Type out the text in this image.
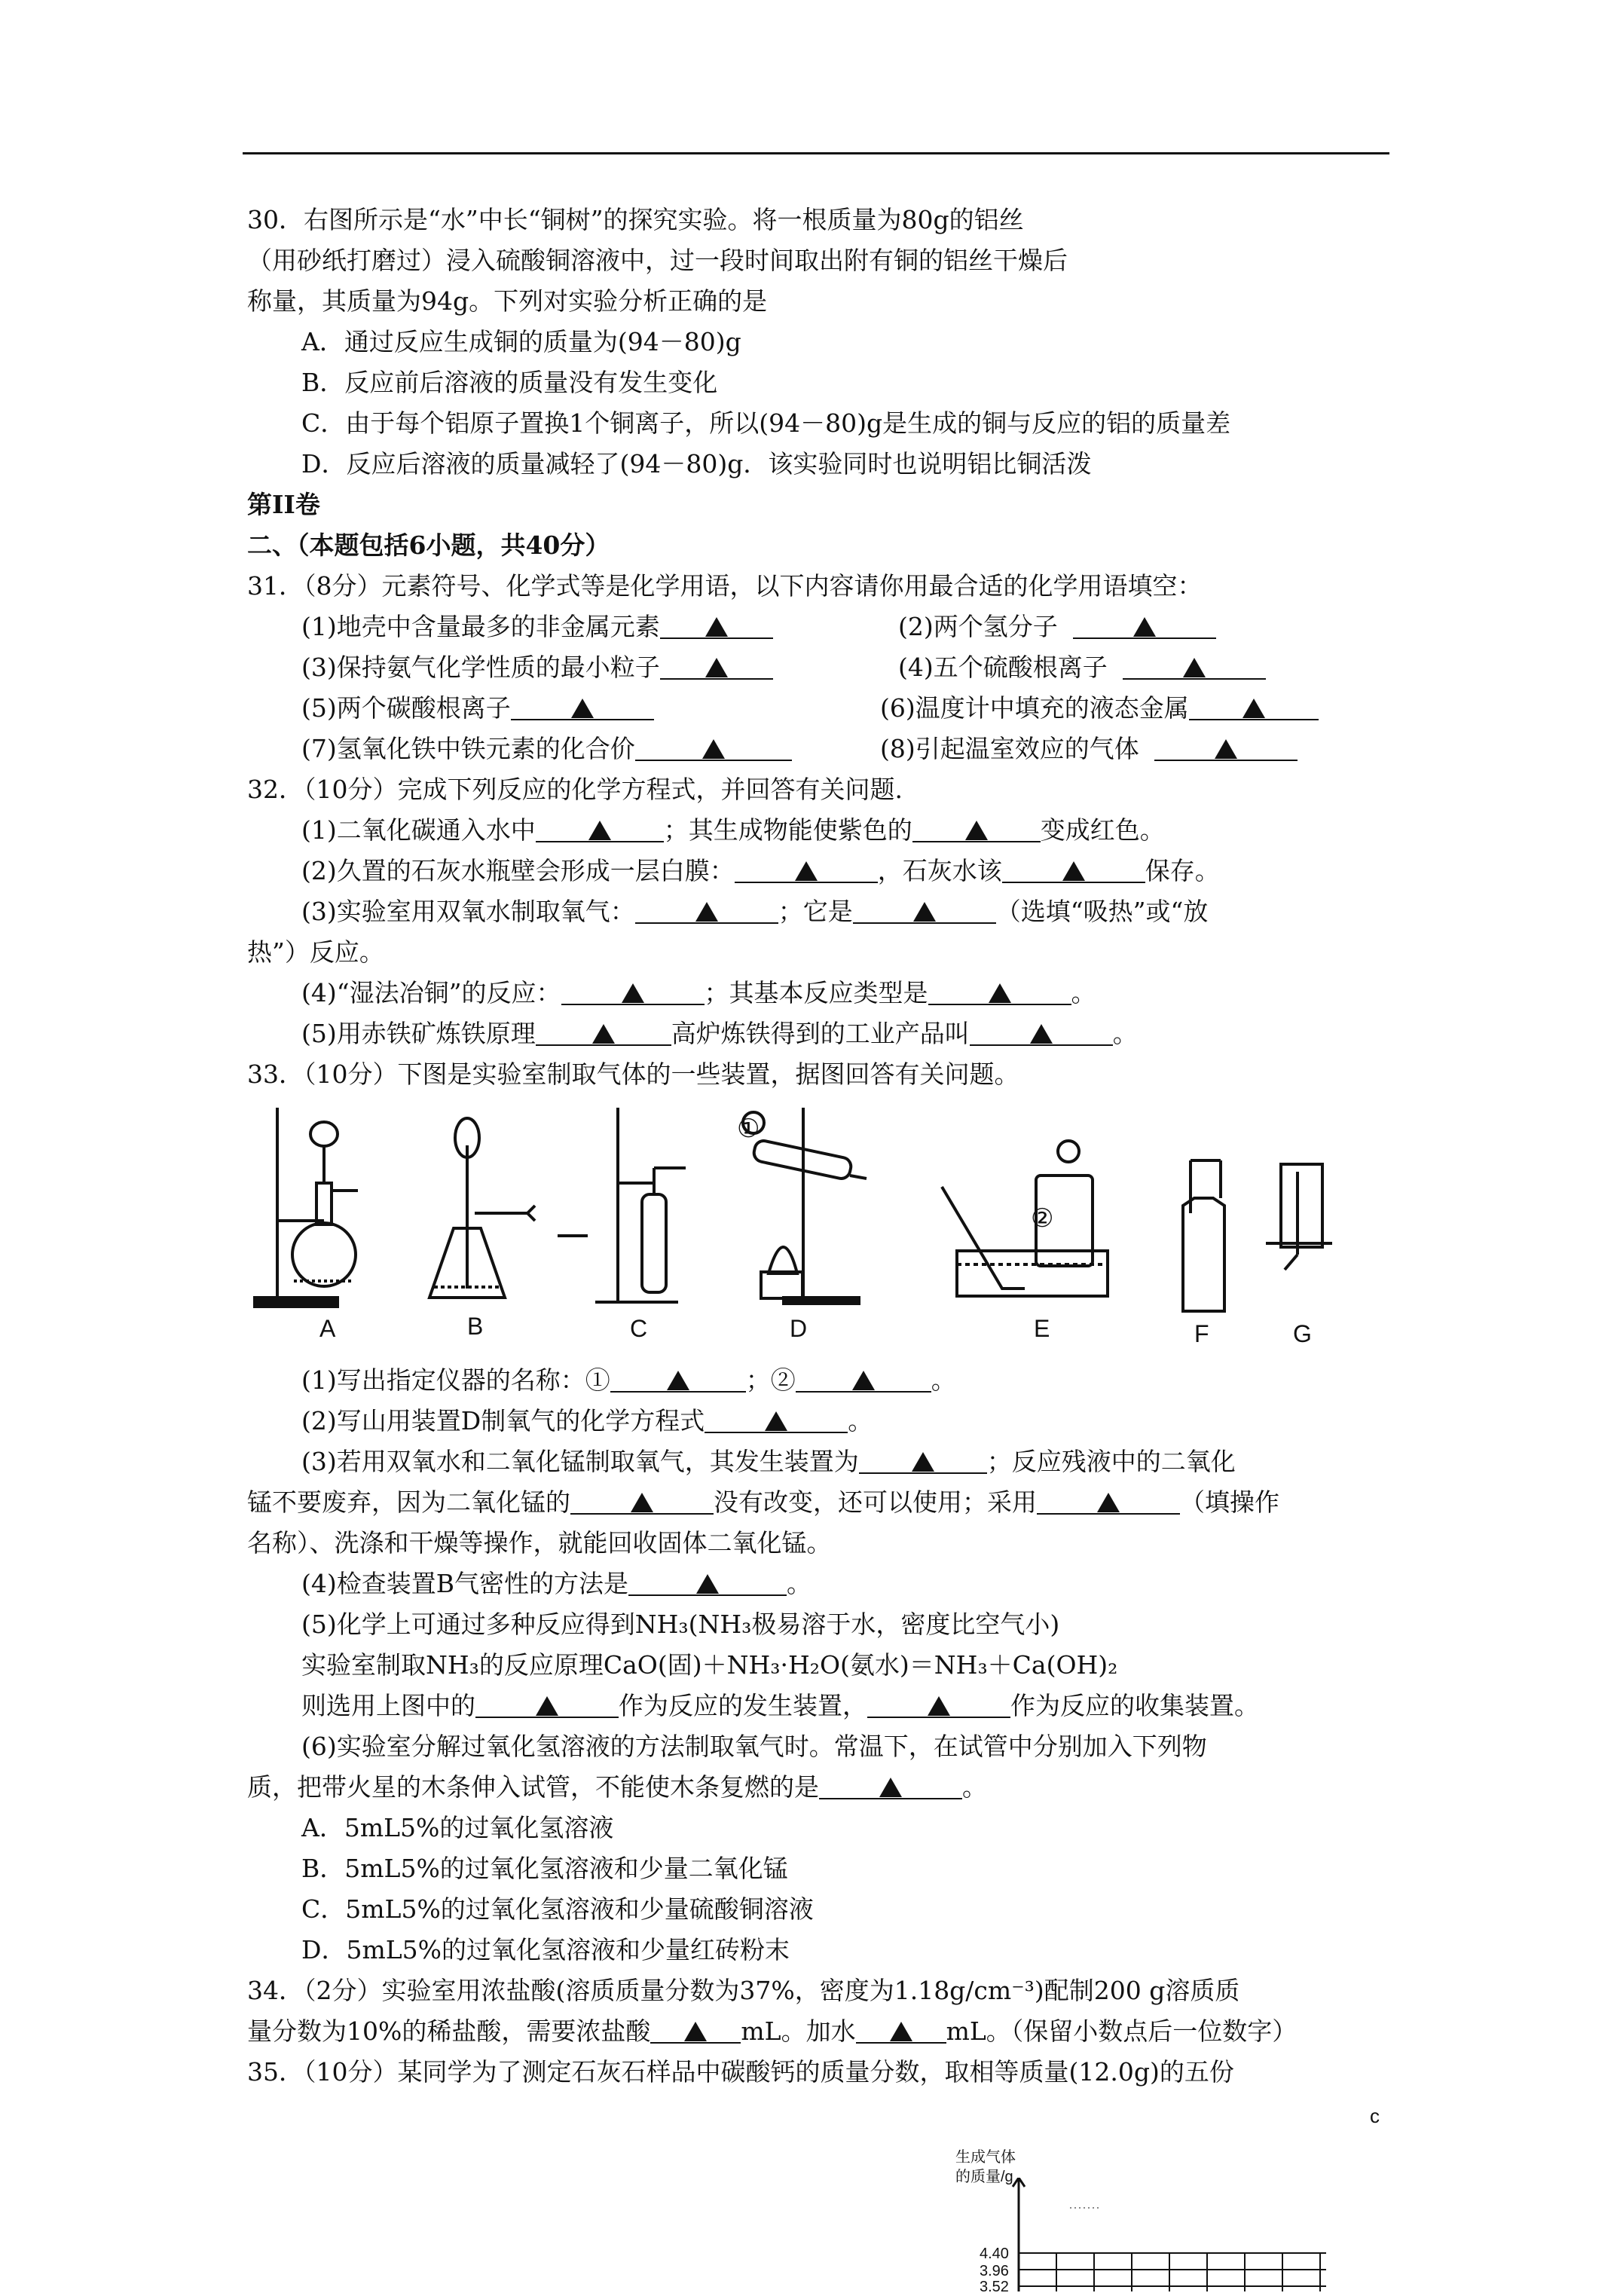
30．右图所示是“水”中长“铜树”的探究实验。将一根质量为80g的铝丝
（用砂纸打磨过）浸入硫酸铜溶液中，过一段时间取出附有铜的铝丝干燥后
称量，其质量为94g。下列对实验分析正确的是
A．通过反应生成铜的质量为(94－80)g
B．反应前后溶液的质量没有发生变化
C．由于每个铝原子置换1个铜离子，所以(94－80)g是生成的铜与反应的铝的质量差
D．反应后溶液的质量减轻了(94－80)g．该实验同时也说明铝比铜活泼
第II卷
二、（本题包括6小题，共40分）
31．（8分）元素符号、化学式等是化学用语，以下内容请你用最合适的化学用语填空：
(1)地壳中含量最多的非金属元素	(2)两个氢分子
(3)保持氨气化学性质的最小粒子	(4)五个硫酸根离子
(5)两个碳酸根离子	(6)温度计中填充的液态金属
(7)氢氧化铁中铁元素的化合价	(8)引起温室效应的气体
32．（10分）完成下列反应的化学方程式，并回答有关问题.
(1)二氧化碳通入水中	；其生成物能使紫色的	变成红色。
(2)久置的石灰水瓶壁会形成一层白膜：	，石灰水该	保存。
(3)实验室用双氧水制取氧气：	；它是	（选填“吸热”或“放
热”）反应。
(4)“湿法冶铜”的反应：	；其基本反应类型是	。
(5)用赤铁矿炼铁原理	高炉炼铁得到的工业产品叫	。
33．（10分）下图是实验室制取气体的一些装置，据图回答有关问题。
①
②
A	B	C	D	E	F	G
(1)写出指定仪器的名称：①	；②	。
(2)写山用装置D制氧气的化学方程式	。
(3)若用双氧水和二氧化锰制取氧气，其发生装置为	；反应残液中的二氧化
锰不要废弃，因为二氧化锰的	没有改变，还可以使用；采用	（填操作
名称）、洗涤和干燥等操作，就能回收固体二氧化锰。
(4)检查装置B气密性的方法是	。
(5)化学上可通过多种反应得到NH₃(NH₃极易溶于水，密度比空气小)
实验室制取NH₃的反应原理CaO(固)＋NH₃·H₂O(氨水)＝NH₃＋Ca(OH)₂
则选用上图中的	作为反应的发生装置，	作为反应的收集装置。
(6)实验室分解过氧化氢溶液的方法制取氧气时。常温下，在试管中分别加入下列物
质，把带火星的木条伸入试管，不能使木条复燃的是	。
A．5mL5%的过氧化氢溶液
B．5mL5%的过氧化氢溶液和少量二氧化锰
C．5mL5%的过氧化氢溶液和少量硫酸铜溶液
D．5mL5%的过氧化氢溶液和少量红砖粉末
34．（2分）实验室用浓盐酸(溶质质量分数为37%，密度为1.18g/cm⁻³)配制200 g溶质质
量分数为10%的稀盐酸，需要浓盐酸	mL。加水	mL。（保留小数点后一位数字）
35．（10分）某同学为了测定石灰石样品中碳酸钙的质量分数，取相等质量(12.0g)的五份
生成气体
的质量/g
c
4.40
3.96
3.52
